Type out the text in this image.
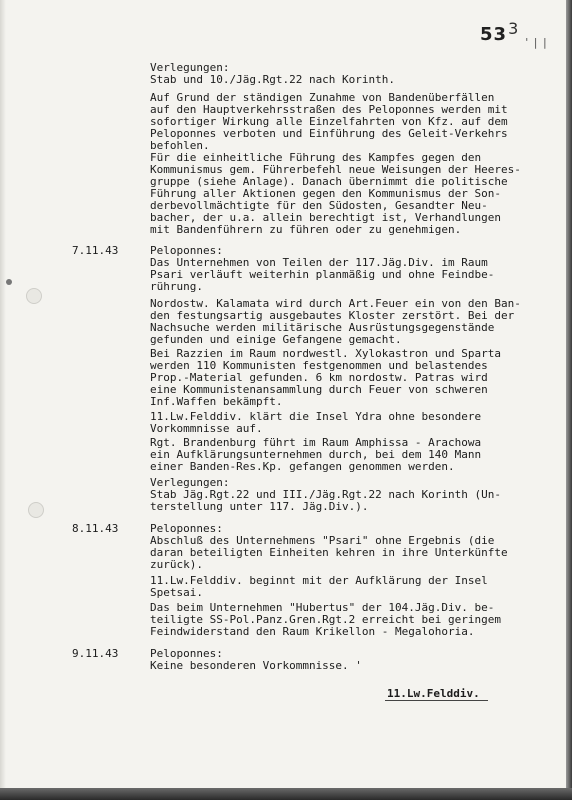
$533_{' | |}$

Verlegungen:
Stab und 10./Jäg.Rgt.22 nach Korinth.

Auf Grund der ständigen Zunahme von Bandenüberfällen
auf den Hauptverkehrsstraßen des Peloponnes werden mit
sofortiger Wirkung alle Einzelfahrten von Kfz. auf dem
Peloponnes verboten und Einführung des Geleit-Verkehrs
befohlen.

Für die einheitliche Führung des Kampfes gegen den
Kommunismus gem. Führerbefehl neue Weisungen der Heeres-
gruppe (siehe Anlage). Danach übernimmt die politische
Führung aller Aktionen gegen den Kommunismus der Son-
derbevollmächtigte für den Südosten, Gesandter Neu-
bacher, der u.a. allein berechtigt ist, Verhandlungen
mit Bandenführern zu führen oder zu genehmigen.

7.11.43	Peloponnes:
Das Unternehmen von Teilen der 117.Jäg.Div. im Raum
Psari verläuft weiterhin planmäßig und ohne Feindbe-
rührung.

Nordostw. Kalamata wird durch Art.Feuer ein von den Ban-
den festungsartig ausgebautes Kloster zerstört. Bei der
Nachsuche werden militärische Ausrüstungsgegenstände
gefunden und einige Gefangene gemacht.

Bei Razzien im Raum nordwestl. Xylokastron und Sparta
werden 110 Kommunisten festgenommen und belastendes
Prop.-Material gefunden. 6 km nordostw. Patras wird
eine Kommunistenansammlung durch Feuer von schweren
Inf.Waffen bekämpft.

11.Lw.Felddiv. klärt die Insel Ydra ohne besondere
Vorkommnisse auf.

Rgt. Brandenburg führt im Raum Amphissa - Arachowa
ein Aufklärungsunternehmen durch, bei dem 140 Mann
einer Banden-Res.Kp. gefangen genommen werden.

Verlegungen:
Stab Jäg.Rgt.22 und III./Jäg.Rgt.22 nach Korinth (Un-
terstellung unter 117. Jäg.Div.).

8.11.43	Peloponnes:
Abschluß des Unternehmens "Psari" ohne Ergebnis (die
daran beteiligten Einheiten kehren in ihre Unterkünfte
zurück).

11.Lw.Felddiv. beginnt mit der Aufklärung der Insel
Spetsai.

Das beim Unternehmen "Hubertus" der 104.Jäg.Div. be-
teiligte SS-Pol.Panz.Gren.Rgt.2 erreicht bei geringem
Feindwiderstand den Raum Krikellon - Megalohoria.

9.11.43	Peloponnes:
Keine besonderen Vorkommnisse. '

11.Lw.Felddiv.
